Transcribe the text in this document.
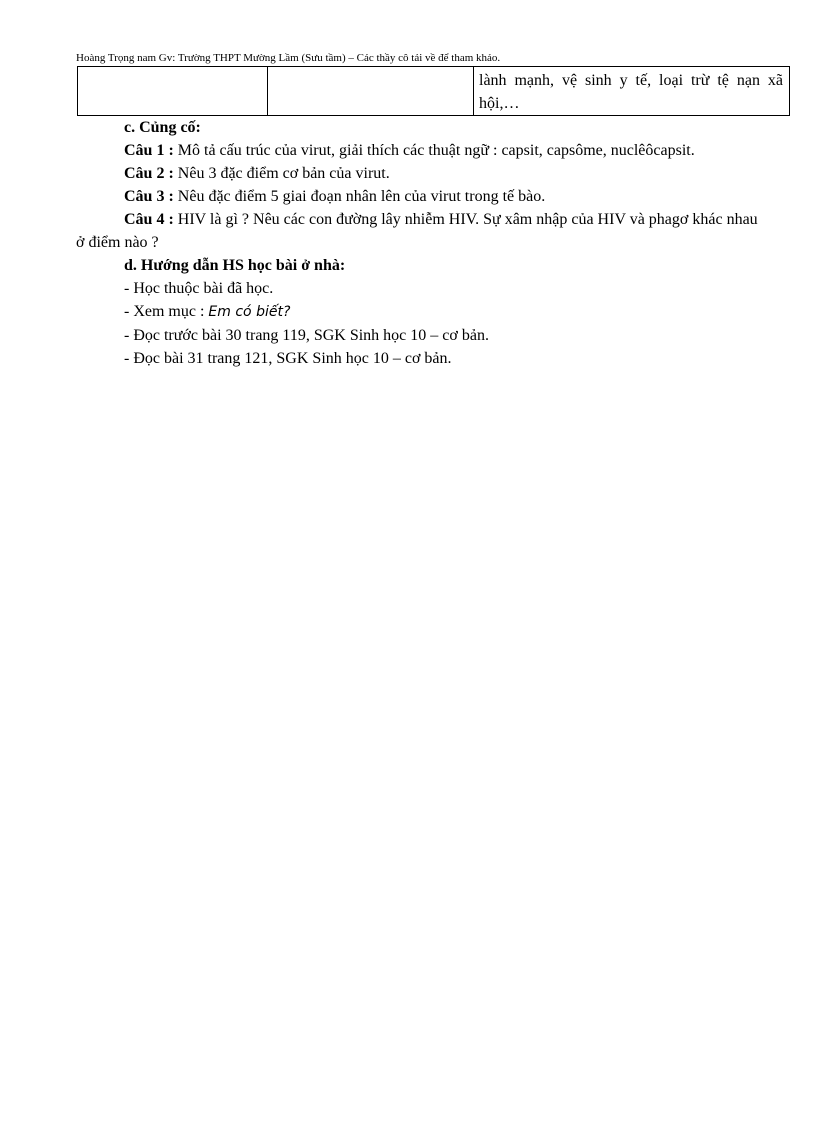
Hoàng Trọng nam Gv: Trường THPT Mường Lầm (Sưu tầm) – Các thầy cô tải về để tham khảo.
		lành mạnh, vệ sinh y tế, loại trừ tệ nạn xã hội,…

c. Củng cố:

Câu 1 : Mô tả cấu trúc của virut, giải thích các thuật ngữ : capsit, capsôme, nuclêôcapsit.

Câu 2 : Nêu 3 đặc điểm cơ bản của virut.

Câu 3 : Nêu đặc điểm 5 giai đoạn nhân lên của virut trong tế bào.

Câu 4 : HIV là gì ? Nêu các con đường lây nhiễm HIV. Sự xâm nhập của HIV và phagơ khác nhau ở điểm nào ?

d. Hướng dẫn HS học bài ở nhà:

- Học thuộc bài đã học.

- Xem mục : Em có biết?

- Đọc trước bài 30 trang 119, SGK Sinh học 10 – cơ bản.

- Đọc bài 31 trang 121, SGK Sinh học 10 – cơ bản.
